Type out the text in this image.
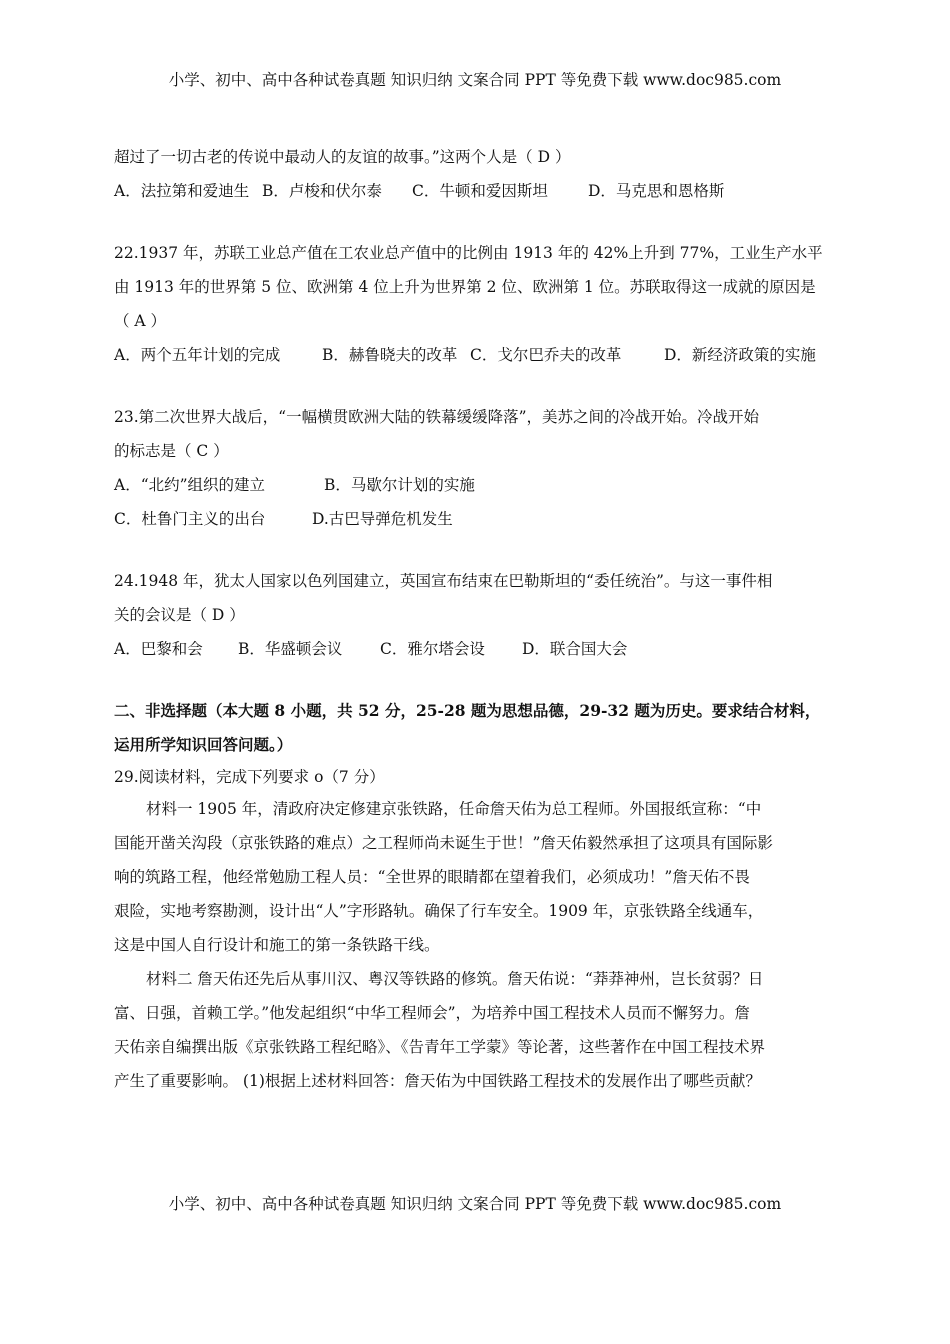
小学、初中、高中各种试卷真题 知识归纳 文案合同 PPT 等免费下载 www.doc985.com
超过了一切古老的传说中最动人的友谊的故事。”这两个人是（ D ）
A．法拉第和爱迪生 B．卢梭和伏尔泰	C．牛顿和爱因斯坦	D．马克思和恩格斯
22.1937 年，苏联工业总产值在工农业总产值中的比例由 1913 年的 42%上升到 77%，工业生产水平
由 1913 年的世界第 5 位、欧洲第 4 位上升为世界第 2 位、欧洲第 1 位。苏联取得这一成就的原因是
（ A ）
A．两个五年计划的完成	B．赫鲁晓夫的改革 C．戈尔巴乔夫的改革	D．新经济政策的实施
23.第二次世界大战后，“一幅横贯欧洲大陆的铁幕缓缓降落”，美苏之间的冷战开始。冷战开始
的标志是（ C ）
A．“北约”组织的建立	B．马歇尔计划的实施
C．杜鲁门主义的出台	D.古巴导弹危机发生
24.1948 年，犹太人国家以色列国建立，英国宣布结束在巴勒斯坦的“委任统治”。与这一事件相
关的会议是（ D ）
A．巴黎和会	B．华盛顿会议	C．雅尔塔会设	D．联合国大会
二、非选择题（本大题 8 小题，共 52 分，25-28 题为思想品德，29-32 题为历史。要求结合材料，
运用所学知识回答问题。）
29.阅读材料，完成下列要求 o（7 分）
材料一 1905 年，清政府决定修建京张铁路，任命詹天佑为总工程师。外国报纸宣称：“中
国能开凿关沟段（京张铁路的难点）之工程师尚未诞生于世！”詹天佑毅然承担了这项具有国际影
响的筑路工程，他经常勉励工程人员：“全世界的眼睛都在望着我们，必须成功！”詹天佑不畏
艰险，实地考察勘测，设计出“人”字形路轨。确保了行车安全。1909 年，京张铁路全线通车，
这是中国人自行设计和施工的第一条铁路干线。
材料二 詹天佑还先后从事川汉、粤汉等铁路的修筑。詹天佑说：“莽莽神州，岂长贫弱？日
富、日强，首赖工学。”他发起组织“中华工程师会”，为培养中国工程技术人员而不懈努力。詹
天佑亲自编撰出版《京张铁路工程纪略》、《告青年工学蒙》等论著，这些著作在中国工程技术界
产生了重要影响。 (1)根据上述材料回答：詹天佑为中国铁路工程技术的发展作出了哪些贡献？
小学、初中、高中各种试卷真题 知识归纳 文案合同 PPT 等免费下载 www.doc985.com
